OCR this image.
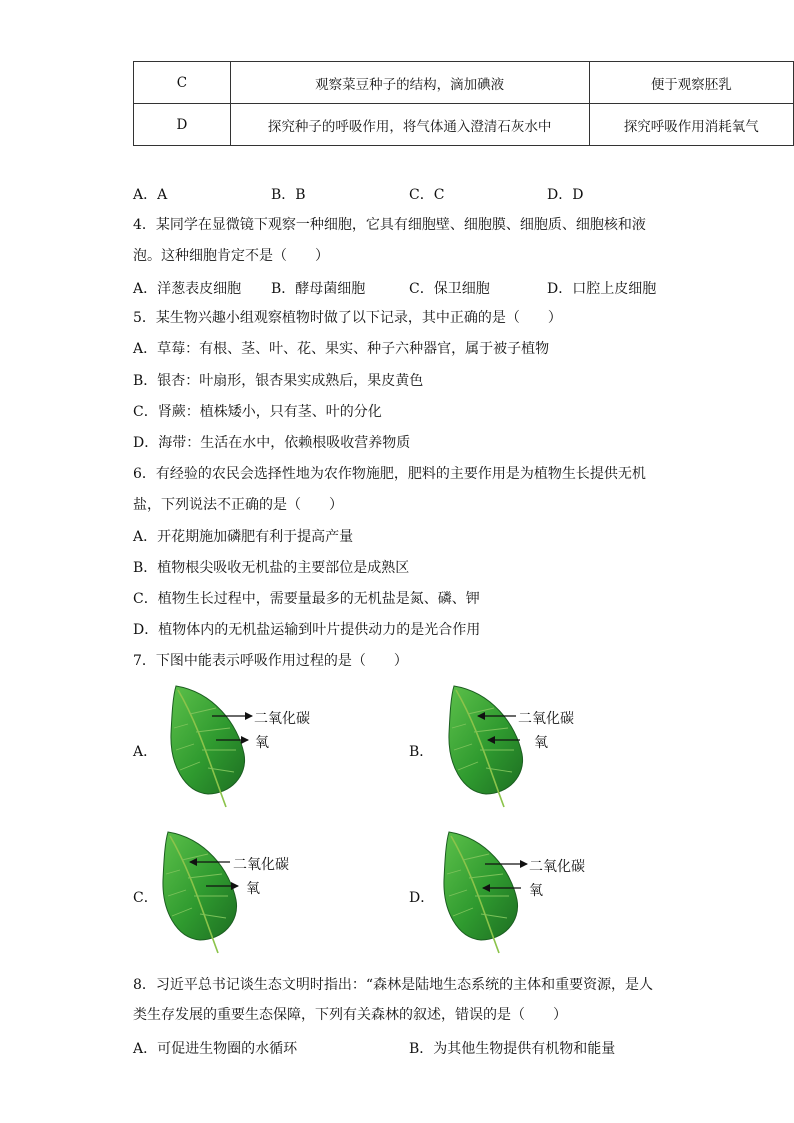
C	观察菜豆种子的结构，滴加碘液	便于观察胚乳
D	探究种子的呼吸作用，将气体通入澄清石灰水中	探究呼吸作用消耗氧气
A．A	B．B	C．C	D．D
4．某同学在显微镜下观察一种细胞，它具有细胞壁、细胞膜、细胞质、细胞核和液
泡。这种细胞肯定不是（　　）
A．洋葱表皮细胞 B．酵母菌细胞	C．保卫细胞	D．口腔上皮细胞
5．某生物兴趣小组观察植物时做了以下记录，其中正确的是（　　）
A．草莓：有根、茎、叶、花、果实、种子六种器官，属于被子植物
B．银杏：叶扇形，银杏果实成熟后，果皮黄色
C．肾蕨：植株矮小，只有茎、叶的分化
D．海带：生活在水中，依赖根吸收营养物质
6．有经验的农民会选择性地为农作物施肥，肥料的主要作用是为植物生长提供无机
盐，下列说法不正确的是（　　）
A．开花期施加磷肥有利于提高产量
B．植物根尖吸收无机盐的主要部位是成熟区
C．植物生长过程中，需要量最多的无机盐是氮、磷、钾
D．植物体内的无机盐运输到叶片提供动力的是光合作用
7．下图中能表示呼吸作用过程的是（　　）
A．
二氧化碳
氧
B．
二氧化碳
氧
C．
二氧化碳
氧
D．
二氧化碳
氧
8．习近平总书记谈生态文明时指出：“森林是陆地生态系统的主体和重要资源，是人
类生存发展的重要生态保障，下列有关森林的叙述，错误的是（　　）
A．可促进生物圈的水循环	B．为其他生物提供有机物和能量
